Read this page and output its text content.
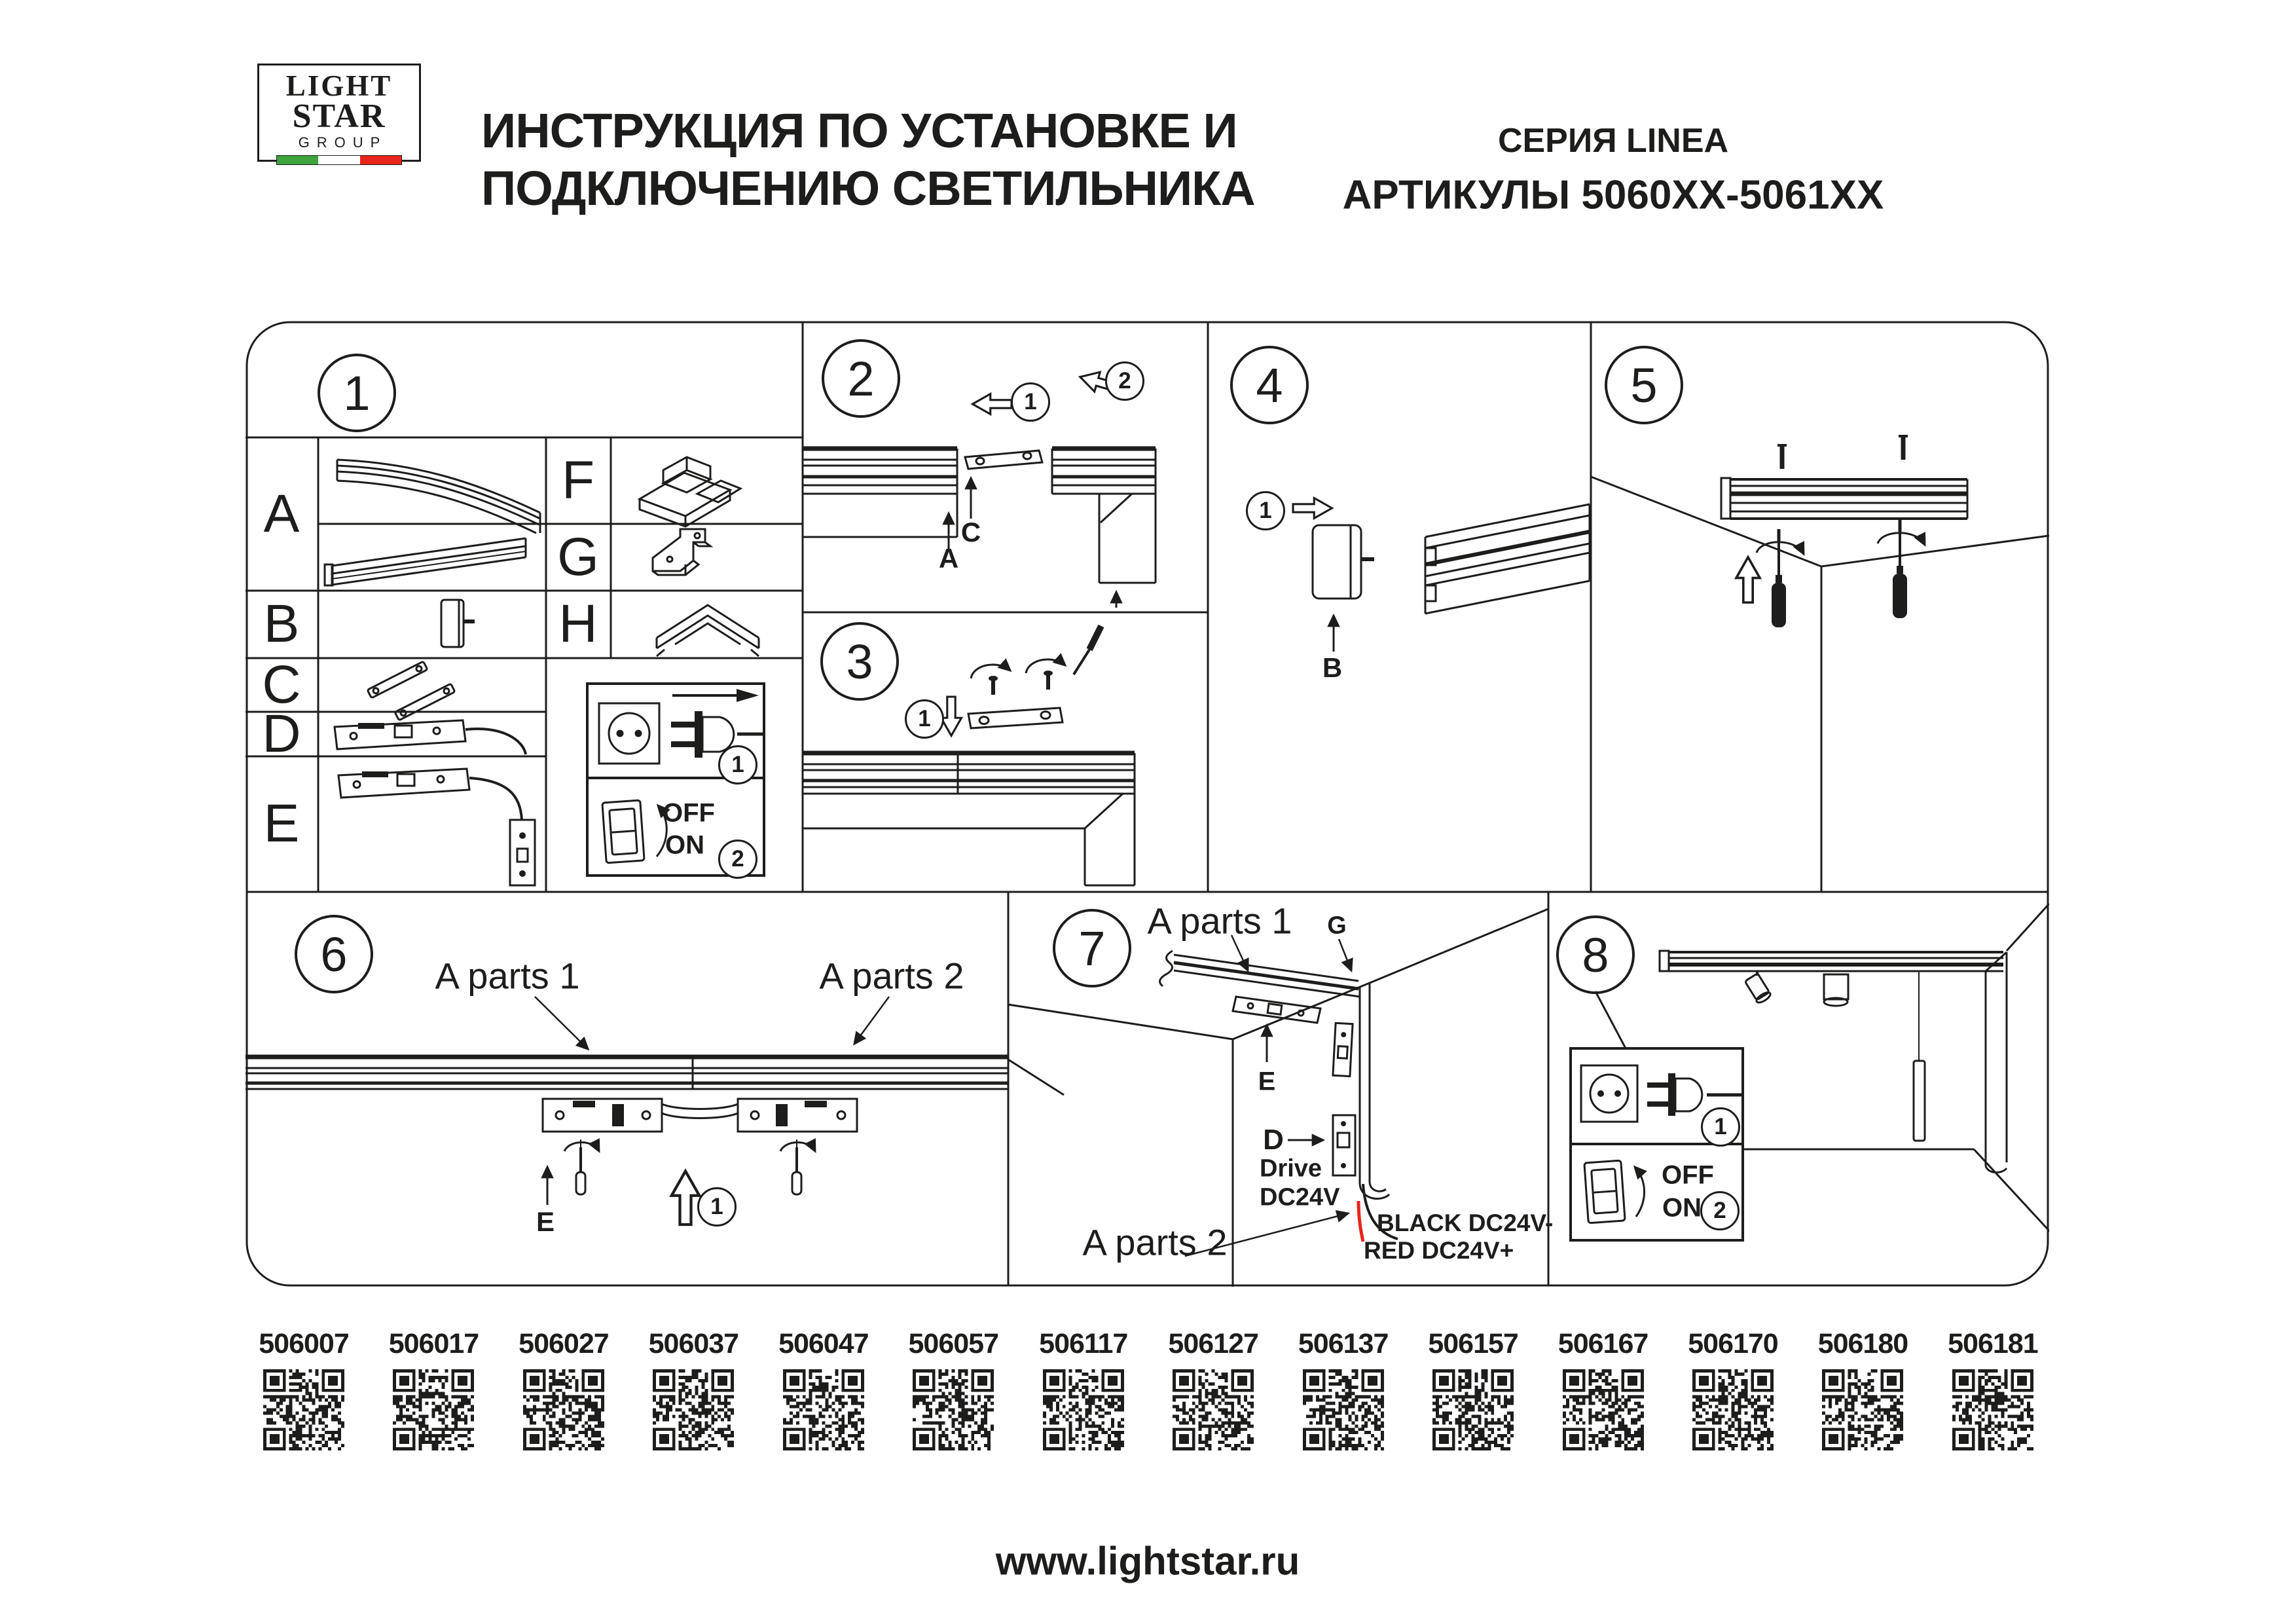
LIGHT
STAR
GROUP	ИНСТРУКЦИЯ ПО УСТАНОВКЕ И
ПОДКЛЮЧЕНИЮ СВЕТИЛЬНИКА
СЕРИЯ LINEA
АРТИКУЛЫ 5060XX-5061XX
1	2
3
4	5
6	7	8
1
2
1
2
1
1
1
1
2
A
B
C
D
E
F
G
H
OFF
ON
A
C
B
A parts 1	A parts 2
E
A parts 1
A parts 2
G
E
D
Drive
DC24V
BLACK DC24V-
RED DC24V+
OFF
ON
506007 506017 506027 506037 506047 506057 506117 506127 506137 506157 506167 506170 506180 506181
www.lightstar.ru
